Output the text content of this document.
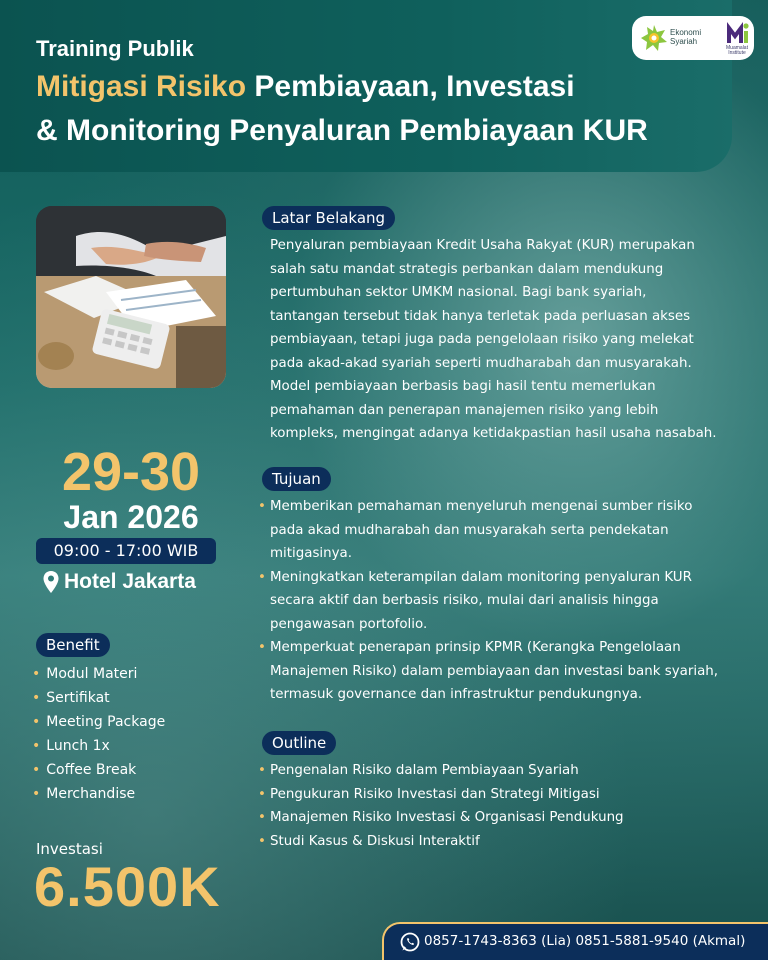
Training Publik
Mitigasi Risiko Pembiayaan, Investasi
& Monitoring Penyaluran Pembiayaan KUR
Ekonomi
Syariah
Muamalat
Institute
29-30
Jan 2026
09:00 - 17:00 WIB
Hotel Jakarta
Benefit
• Modul Materi
• Sertifikat
• Meeting Package
• Lunch 1x
• Coffee Break
• Merchandise
Investasi
6.500K
Latar Belakang
Penyaluran pembiayaan Kredit Usaha Rakyat (KUR) merupakan
salah satu mandat strategis perbankan dalam mendukung
pertumbuhan sektor UMKM nasional. Bagi bank syariah,
tantangan tersebut tidak hanya terletak pada perluasan akses
pembiayaan, tetapi juga pada pengelolaan risiko yang melekat
pada akad-akad syariah seperti mudharabah dan musyarakah.
Model pembiayaan berbasis bagi hasil tentu memerlukan
pemahaman dan penerapan manajemen risiko yang lebih
kompleks, mengingat adanya ketidakpastian hasil usaha nasabah.
Tujuan
• Memberikan pemahaman menyeluruh mengenai sumber risiko
pada akad mudharabah dan musyarakah serta pendekatan
mitigasinya.
• Meningkatkan keterampilan dalam monitoring penyaluran KUR
secara aktif dan berbasis risiko, mulai dari analisis hingga
pengawasan portofolio.
• Memperkuat penerapan prinsip KPMR (Kerangka Pengelolaan
Manajemen Risiko) dalam pembiayaan dan investasi bank syariah,
termasuk governance dan infrastruktur pendukungnya.
Outline
• Pengenalan Risiko dalam Pembiayaan Syariah
• Pengukuran Risiko Investasi dan Strategi Mitigasi
• Manajemen Risiko Investasi & Organisasi Pendukung
• Studi Kasus & Diskusi Interaktif
0857-1743-8363 (Lia) 0851-5881-9540 (Akmal)
